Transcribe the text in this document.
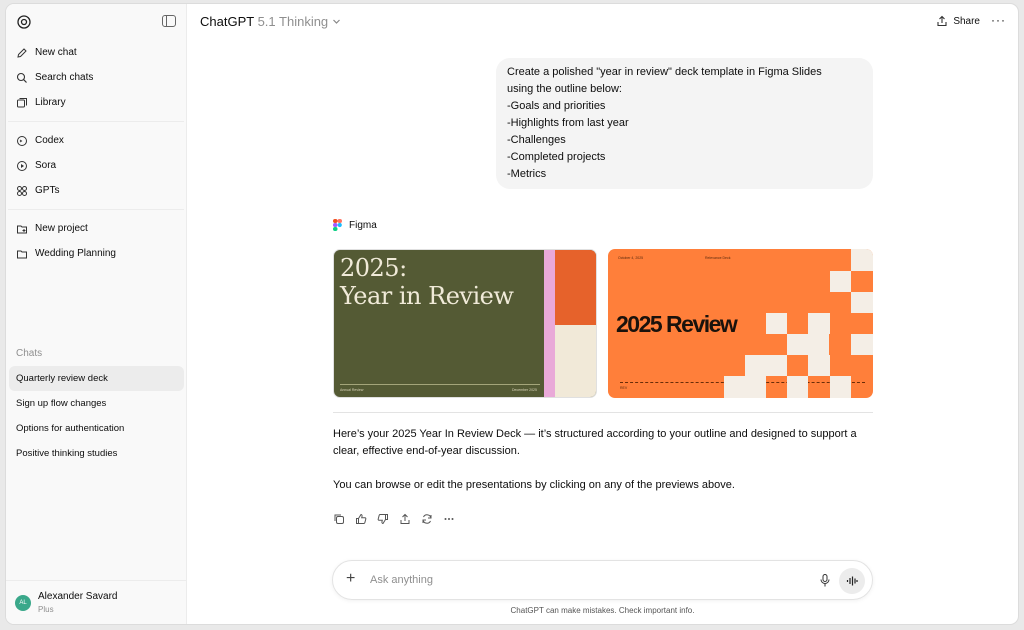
New chat
Search chats
Library
Codex
Sora
GPTs
New project
Wedding Planning
Chats
Quarterly review deck
Sign up flow changes
Options for authentication
Positive thinking studies
AL
Alexander Savard
Plus
ChatGPT 5.1 Thinking	Share ···
Create a polished "year in review" deck template in Figma Slides
using the outline below:
-Goals and priorities
-Highlights from last year
-Challenges
-Completed projects
-Metrics
Figma
2025:
Year in Review
Annual Review	December 2025
October 4, 2025	Relevance Deck
2025 Review
REV

Here’s your 2025 Year In Review Deck — it’s structured according to your outline and designed to support a clear, effective end-of-year discussion.

You can browse or edit the presentations by clicking on any of the previews above.

+ Ask anything
ChatGPT can make mistakes. Check important info.
